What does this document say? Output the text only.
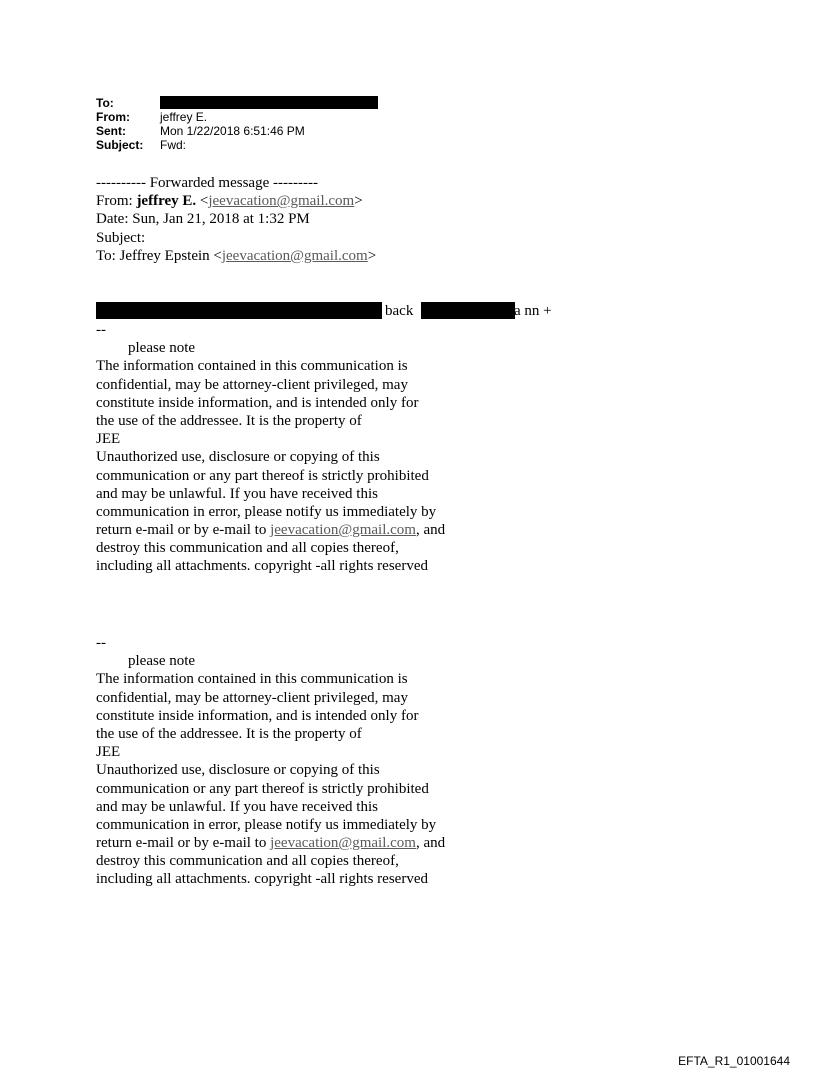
To:
From:	jeffrey E.
Sent:	Mon 1/22/2018 6:51:46 PM
Subject:	Fwd:
---------- Forwarded message ---------
From: jeffrey E. <jeevacation@gmail.com>
Date: Sun, Jan 21, 2018 at 1:32 PM
Subject:
To: Jeffrey Epstein <jeevacation@gmail.com>
back	a nn +
--
please note
The information contained in this communication is
confidential, may be attorney-client privileged, may
constitute inside information, and is intended only for
the use of the addressee. It is the property of
JEE
Unauthorized use, disclosure or copying of this
communication or any part thereof is strictly prohibited
and may be unlawful. If you have received this
communication in error, please notify us immediately by
return e-mail or by e-mail to jeevacation@gmail.com, and
destroy this communication and all copies thereof,
including all attachments. copyright -all rights reserved
--
please note
The information contained in this communication is
confidential, may be attorney-client privileged, may
constitute inside information, and is intended only for
the use of the addressee. It is the property of
JEE
Unauthorized use, disclosure or copying of this
communication or any part thereof is strictly prohibited
and may be unlawful. If you have received this
communication in error, please notify us immediately by
return e-mail or by e-mail to jeevacation@gmail.com, and
destroy this communication and all copies thereof,
including all attachments. copyright -all rights reserved
EFTA_R1_01001644
